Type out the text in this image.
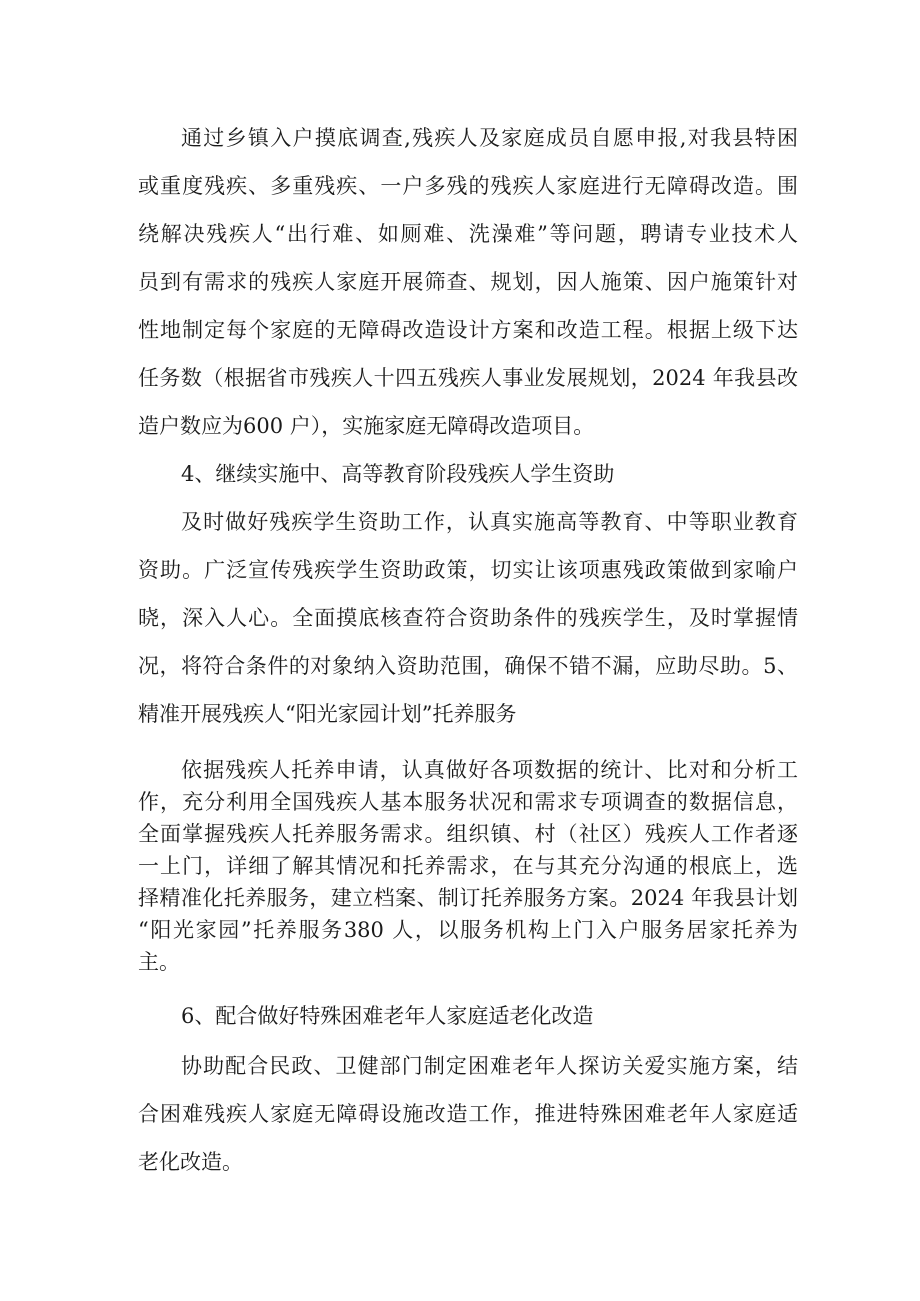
通过乡镇入户摸底调查,残疾人及家庭成员自愿申报,对我县特困
或重度残疾、多重残疾、一户多残的残疾人家庭进行无障碍改造。围
绕解决残疾人“出行难、如厕难、洗澡难”等问题，聘请专业技术人
员到有需求的残疾人家庭开展筛查、规划，因人施策、因户施策针对
性地制定每个家庭的无障碍改造设计方案和改造工程。根据上级下达
任务数（根据省市残疾人十四五残疾人事业发展规划，2024 年我县改
造户数应为600 户），实施家庭无障碍改造项目。
4、继续实施中、高等教育阶段残疾人学生资助
及时做好残疾学生资助工作，认真实施高等教育、中等职业教育
资助。广泛宣传残疾学生资助政策，切实让该项惠残政策做到家喻户
晓，深入人心。全面摸底核查符合资助条件的残疾学生，及时掌握情
况，将符合条件的对象纳入资助范围，确保不错不漏，应助尽助。5、
精准开展残疾人“阳光家园计划”托养服务
依据残疾人托养申请，认真做好各项数据的统计、比对和分析工
作，充分利用全国残疾人基本服务状况和需求专项调查的数据信息，
全面掌握残疾人托养服务需求。组织镇、村（社区）残疾人工作者逐
一上门，详细了解其情况和托养需求，在与其充分沟通的根底上，选
择精准化托养服务，建立档案、制订托养服务方案。2024 年我县计划
“阳光家园”托养服务380 人，以服务机构上门入户服务居家托养为
主。
6、配合做好特殊困难老年人家庭适老化改造
协助配合民政、卫健部门制定困难老年人探访关爱实施方案，结
合困难残疾人家庭无障碍设施改造工作，推进特殊困难老年人家庭适
老化改造。
